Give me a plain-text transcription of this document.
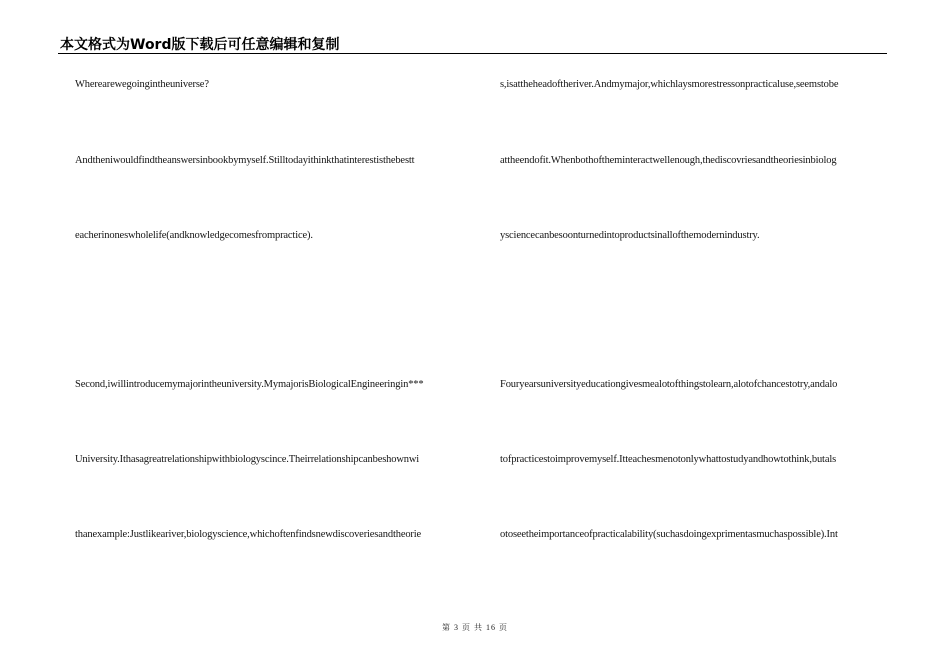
本文格式为Word版下载后可任意编辑和复制
Wherearewegoingintheuniverse?
Andtheniwouldfindtheanswersinbookbymyself.Stilltodayithinkthatinterestisthebestt
eacherinoneswholelife(andknowledgecomesfrompractice).
Second,iwillintroducemymajorintheuniversity.MymajorisBiologicalEngineeringin***
University.Ithasagreatrelationshipwithbiologyscince.Theirrelationshipcanbeshownwi
thanexample:Justlikeariver,biologyscience,whichoftenfindsnewdiscoveriesandtheorie
s,isattheheadoftheriver.Andmymajor,whichlaysmorestressonpracticaluse,seemstobe
attheendofit.Whenbothoftheminteractwellenough,thediscovriesandtheoriesinbiolog
ysciencecanbesoonturnedintoproductsinallofthemodernindustry.
Fouryearsuniversityeducationgivesmealotofthingstolearn,alotofchancestotry,andalo
tofpracticestoimprovemyself.Itteachesmenotonlywhattostudyandhowtothink,butals
otoseetheimportanceofpracticalability(suchasdoingexprimentasmuchaspossible).Int
第 3 页 共 16 页
